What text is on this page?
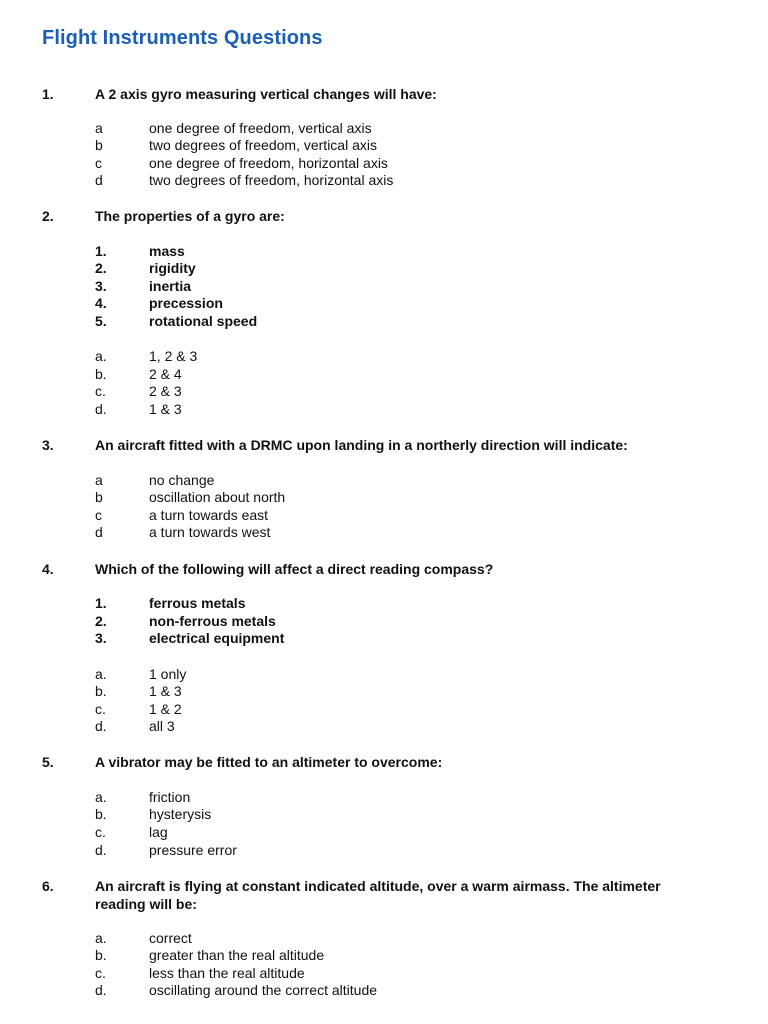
Flight Instruments Questions
1.	A 2 axis gyro measuring vertical changes will have:
a	one degree of freedom, vertical axis
b	two degrees of freedom, vertical axis
c	one degree of freedom, horizontal axis
d	two degrees of freedom, horizontal axis
2.	The properties of a gyro are:
1.	mass
2.	rigidity
3.	inertia
4.	precession
5.	rotational speed
a.	1, 2 & 3
b.	2 & 4
c.	2 & 3
d.	1 & 3
3.	An aircraft fitted with a DRMC upon landing in a northerly direction will indicate:
a	no change
b	oscillation about north
c	a turn towards east
d	a turn towards west
4.	Which of the following will affect a direct reading compass?
1.	ferrous metals
2.	non-ferrous metals
3.	electrical equipment
a.	1 only
b.	1 & 3
c.	1 & 2
d.	all 3
5.	A vibrator may be fitted to an altimeter to overcome:
a.	friction
b.	hysterysis
c.	lag
d.	pressure error
6.	An aircraft is flying at constant indicated altitude, over a warm airmass. The altimeter reading will be:
a.	correct
b.	greater than the real altitude
c.	less than the real altitude
d.	oscillating around the correct altitude
